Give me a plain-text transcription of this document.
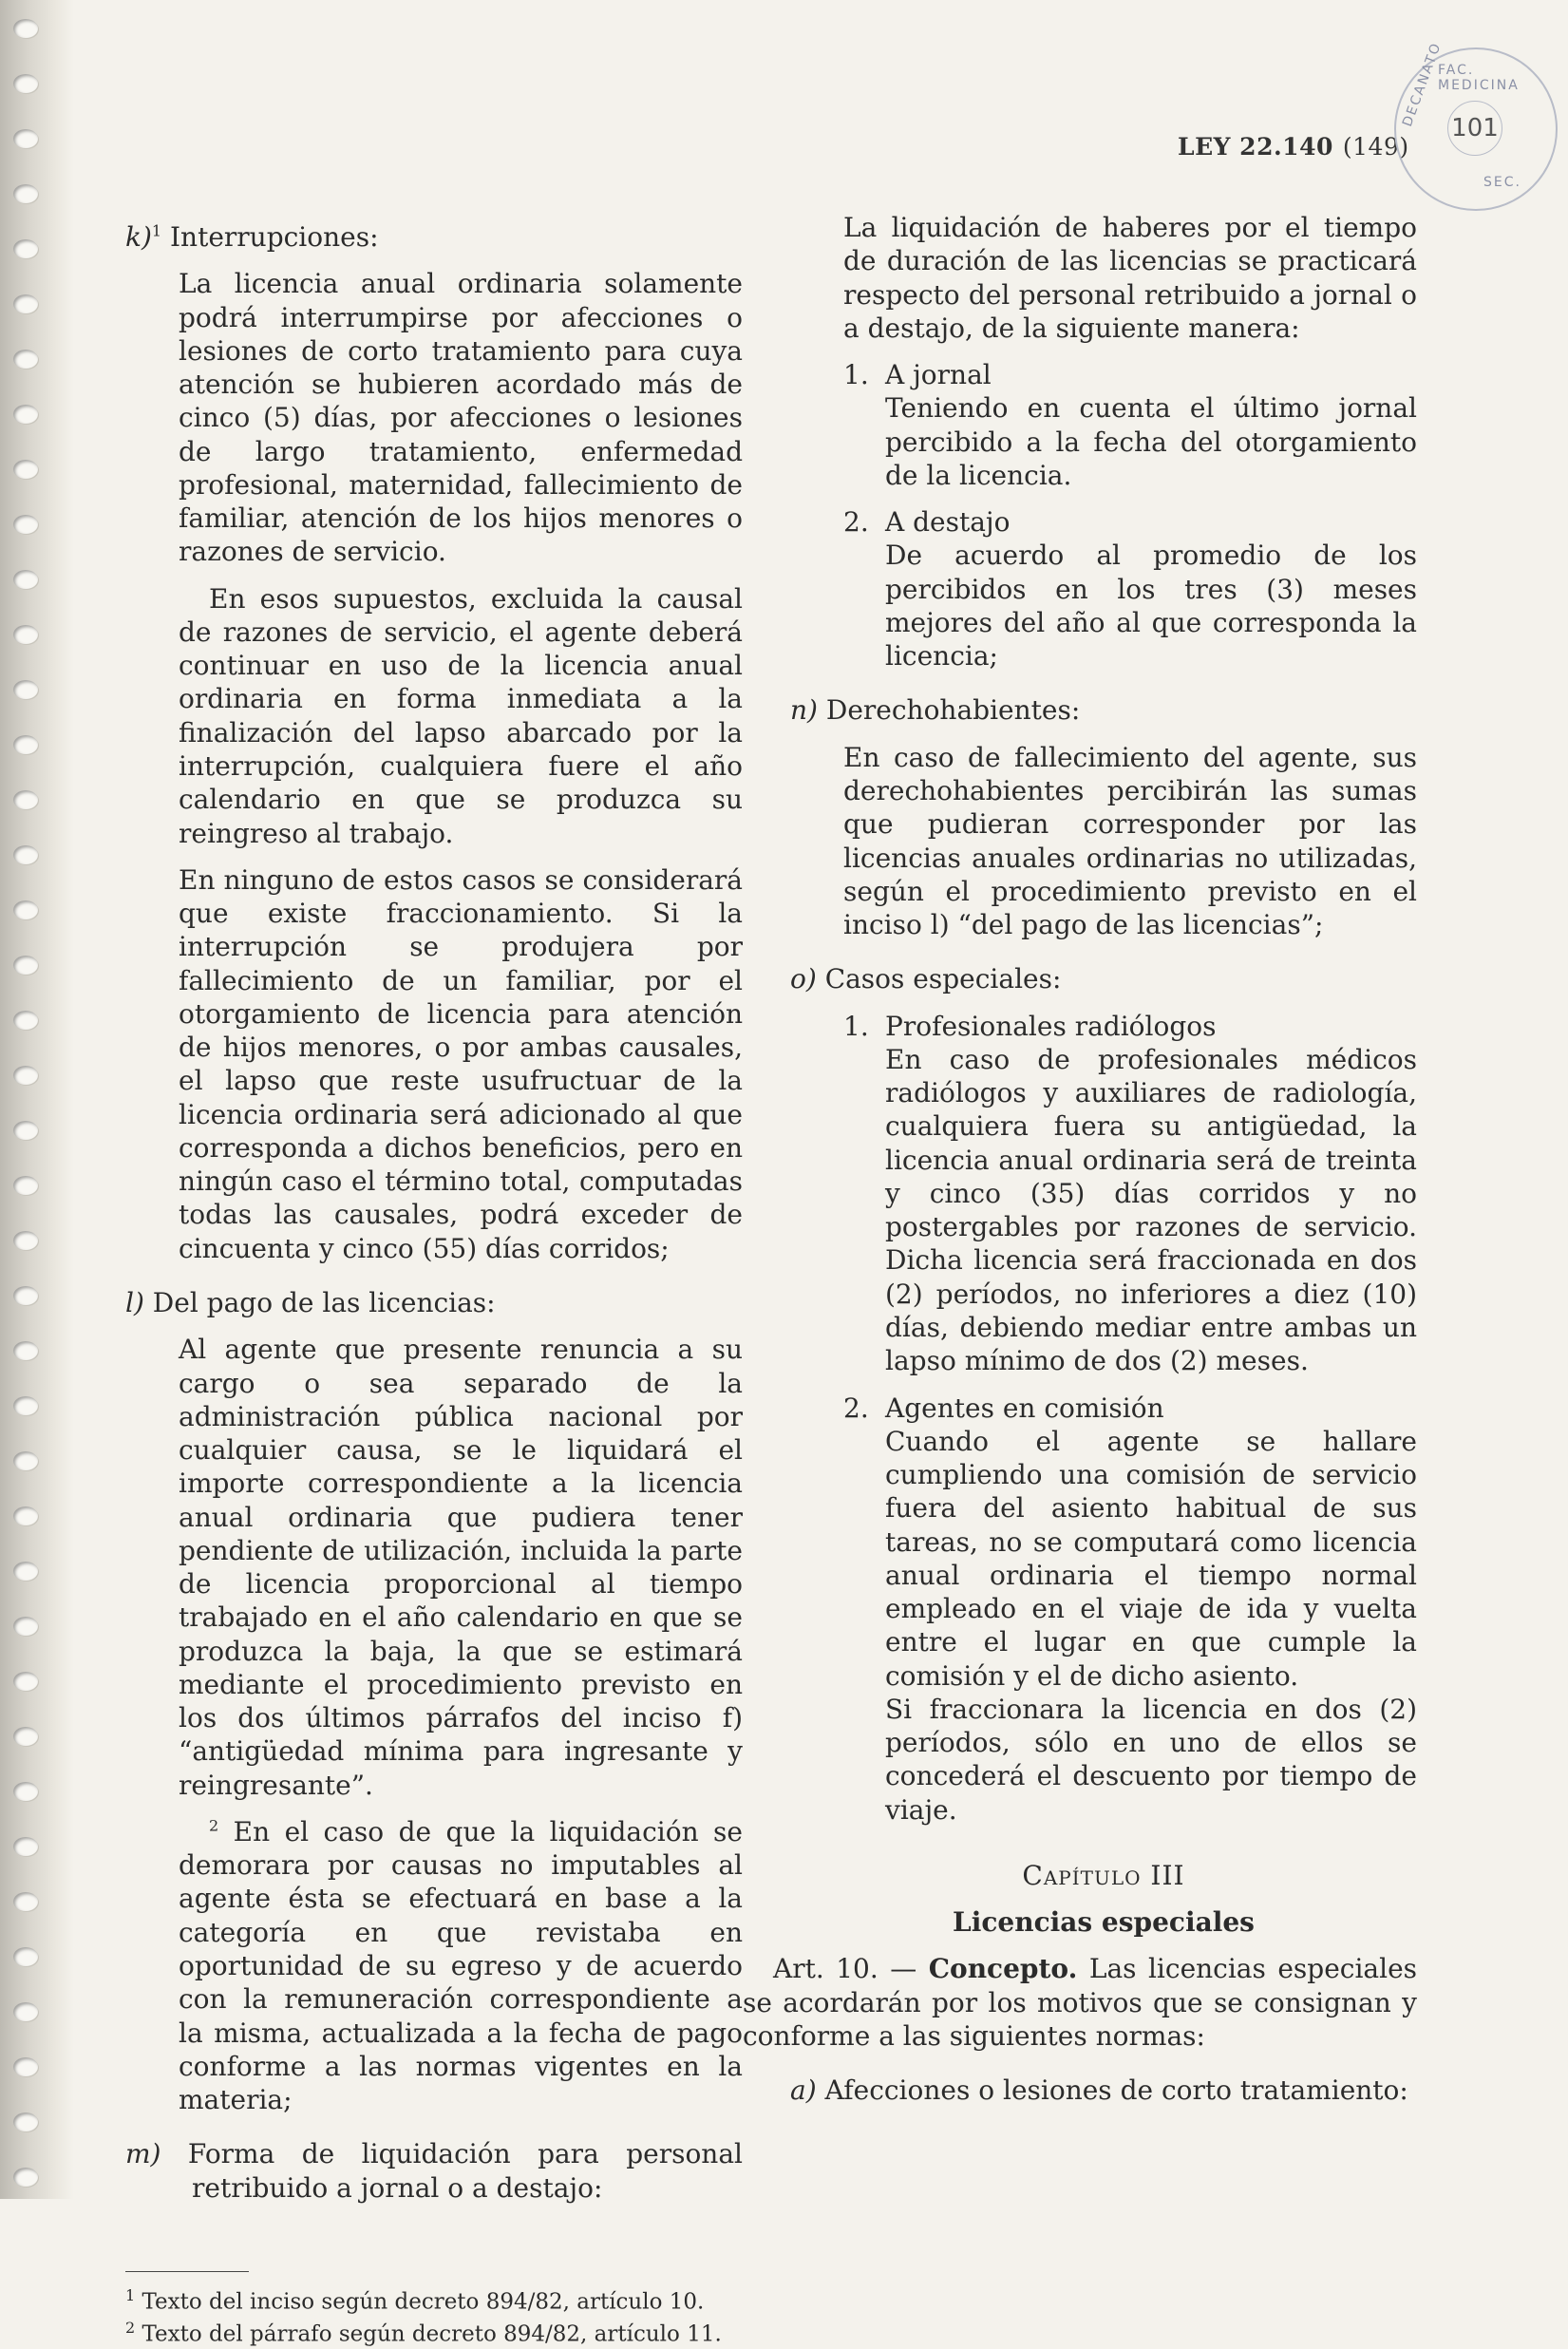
LEY 22.140 (149)
FAC. MEDICINA
DECANATO
SEC.
101

k)$^1$ Interrupciones:

La licencia anual ordinaria solamente podrá interrumpirse por afecciones o lesiones de corto tratamiento para cuya atención se hubieren acordado más de cinco (5) días, por afecciones o lesiones de largo tratamiento, enfermedad profesional, maternidad, fallecimiento de familiar, atención de los hijos menores o razones de servicio.

En esos supuestos, excluida la causal de razones de servicio, el agente deberá continuar en uso de la licencia anual ordinaria en forma inmediata a la finalización del lapso abarcado por la interrupción, cualquiera fuere el año calendario en que se produzca su reingreso al trabajo.

En ninguno de estos casos se considerará que existe fraccionamiento. Si la interrupción se produjera por fallecimiento de un familiar, por el otorgamiento de licencia para atención de hijos menores, o por ambas causales, el lapso que reste usufructuar de la licencia ordinaria será adicionado al que corresponda a dichos beneficios, pero en ningún caso el término total, computadas todas las causales, podrá exceder de cincuenta y cinco (55) días corridos;

l) Del pago de las licencias:

Al agente que presente renuncia a su cargo o sea separado de la administración pública nacional por cualquier causa, se le liquidará el importe correspondiente a la licencia anual ordinaria que pudiera tener pendiente de utilización, incluida la parte de licencia proporcional al tiempo trabajado en el año calendario en que se produzca la baja, la que se estimará mediante el procedimiento previsto en los dos últimos párrafos del inciso f) “antigüedad mínima para ingresante y reingresante”.

$^2$ En el caso de que la liquidación se demorara por causas no imputables al agente ésta se efectuará en base a la categoría en que revistaba en oportunidad de su egreso y de acuerdo con la remuneración correspondiente a la misma, actualizada a la fecha de pago conforme a las normas vigentes en la materia;

m) Forma de liquidación para personal retribuido a jornal o a destajo:

$^1$ Texto del inciso según decreto 894/82, artículo 10.

$^2$ Texto del párrafo según decreto 894/82, artículo 11.

La liquidación de haberes por el tiempo de duración de las licencias se practicará respecto del personal retribuido a jornal o a destajo, de la siguiente manera:

1. A jornal

Teniendo en cuenta el último jornal percibido a la fecha del otorgamiento de la licencia.

2. A destajo

De acuerdo al promedio de los percibidos en los tres (3) meses mejores del año al que corresponda la licencia;

n) Derechohabientes:

En caso de fallecimiento del agente, sus derechohabientes percibirán las sumas que pudieran corresponder por las licencias anuales ordinarias no utilizadas, según el procedimiento previsto en el inciso l) “del pago de las licencias”;

o) Casos especiales:

1. Profesionales radiólogos

En caso de profesionales médicos radiólogos y auxiliares de radiología, cualquiera fuera su antigüedad, la licencia anual ordinaria será de treinta y cinco (35) días corridos y no postergables por razones de servicio. Dicha licencia será fraccionada en dos (2) períodos, no inferiores a diez (10) días, debiendo mediar entre ambas un lapso mínimo de dos (2) meses.

2. Agentes en comisión

Cuando el agente se hallare cumpliendo una comisión de servicio fuera del asiento habitual de sus tareas, no se computará como licencia anual ordinaria el tiempo normal empleado en el viaje de ida y vuelta entre el lugar en que cumple la comisión y el de dicho asiento.

Si fraccionara la licencia en dos (2) períodos, sólo en uno de ellos se concederá el descuento por tiempo de viaje.

Capítulo III

Licencias especiales

Art. 10. — Concepto. Las licencias especiales se acordarán por los motivos que se consignan y conforme a las siguientes normas:

a) Afecciones o lesiones de corto tratamiento:
